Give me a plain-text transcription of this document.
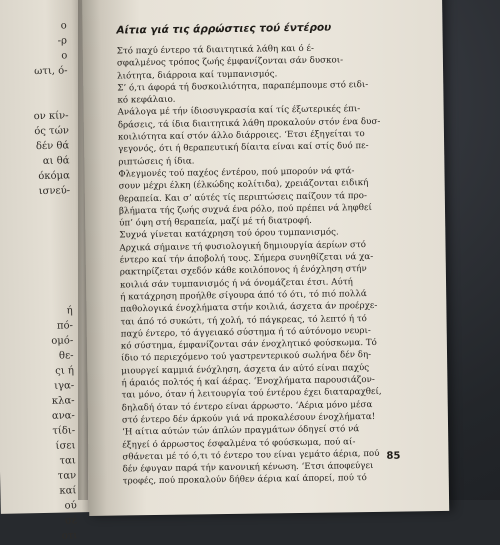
ο
-ρ
ο
ωτι, ό-

ον κίν-
ός τών
δέν θά
αι θά
όκόμα
ισνεύ-

ή
πό-
ομό-
θε-
ςι ή
ιγα-
κλα-
ανα-
τίδι-
ίσει
ται
ταν
καί
ού
σέ
οτι
Αίτια γιά τις άρρώστιες τού έντέρου
Στό παχύ έντερο τά διαιτητικά λάθη και ό έ-
σφαλμένος τρόπος ζωής έμφανίζονται σάν δυσκοι-
λιότητα, διάρροια καί τυμπανισμός.
Σ’ ό,τι άφορά τή δυσκοιλιότητα, παραπέμπουμε στό ειδι-
κό κεφάλαιο.
Ανάλογα μέ τήν ίδιοσυγκρασία καί τίς έξωτερικές έπι-
δράσεις, τά ίδια διαιτητικά λάθη προκαλούν στόν ένα δυσ-
κοιλιότητα καί στόν άλλο διάρροιες. ‘Ετσι έξηγείται το
γεγονός, ότι ή θεραπευτική δίαιτα είναι καί στίς δυό πε-
ριπτώσεις ή ίδια.
Φλεγμονές τού παχέος έντέρου, πού μπορούν νά φτά-
σουν μέχρι έλκη (έλκώδης κολίτιδα), χρειάζονται ειδική
θεραπεία. Και σ’ αύτές τίς περιπτώσεις παίζουν τά προ-
βλήματα τής ζωής συχνά ένα ρόλο, πού πρέπει νά ληφθεί
ύπ’ όψη στή θεραπεία, μαζί μέ τή διατροφή.
Συχνά γίνεται κατάχρηση τού όρου τυμπανισμός.
Αρχικά σήμαινε τή φυσιολογική δημιουργία άερίων στό
έντερο καί τήν άποβολή τους. Σήμερα συνηθίζεται νά χα-
ρακτηρίζεται σχεδόν κάθε κοιλόπονος ή ένόχληση στήν
κοιλιά σάν τυμπανισμός ή νά όνομάζεται έτσι. Αύτή
ή κατάχρηση προήλθε σίγουρα άπό τό ότι, τό πιό πολλά
παθολογικά ένοχλήματα στήν κοιλιά, άσχετα άν προέρχε-
ται άπό τό συκώτι, τή χολή, τό πάγκρεας, τό λεπτό ή τό
παχύ έντερο, τό άγγειακό σύστημα ή τό αύτόνομο νευρι-
κό σύστημα, έμφανίζονται σάν ένοχλητικό φούσκωμα. Τό
ίδιο τό περιεχόμενο τού γαστρεντερικού σωλήνα δέν δη-
μιουργεί καμμιά ένόχληση, άσχετα άν αύτό είναι παχύς
ή άραιός πολτός ή καί άέρας. ‘Ενοχλήματα παρουσιάζον-
ται μόνο, όταν ή λειτουργία τού έντέρου έχει διαταραχθεί,
δηλαδή όταν τό έντερο είναι άρρωστο. ‘Αέρια μόνο μέσα
στό έντερο δέν άρκούν γιά νά προκαλέσουν ένοχλήματα!
‘Η αίτια αύτών τών άπλών πραγμάτων όδηγεί στό νά
έξηγεί ό άρρωστος έσφαλμένα τό φούσκωμα, πού αί-
σθάνεται μέ τό ό,τι τό έντερο του είναι γεμάτο άέρια, πού
δέν έφυγαν παρά τήν κανονική κένωση. ‘Ετσι άποφεύγει
τροφές, πού προκαλούν δήθεν άέρια καί άπορεί, πού τό
85
